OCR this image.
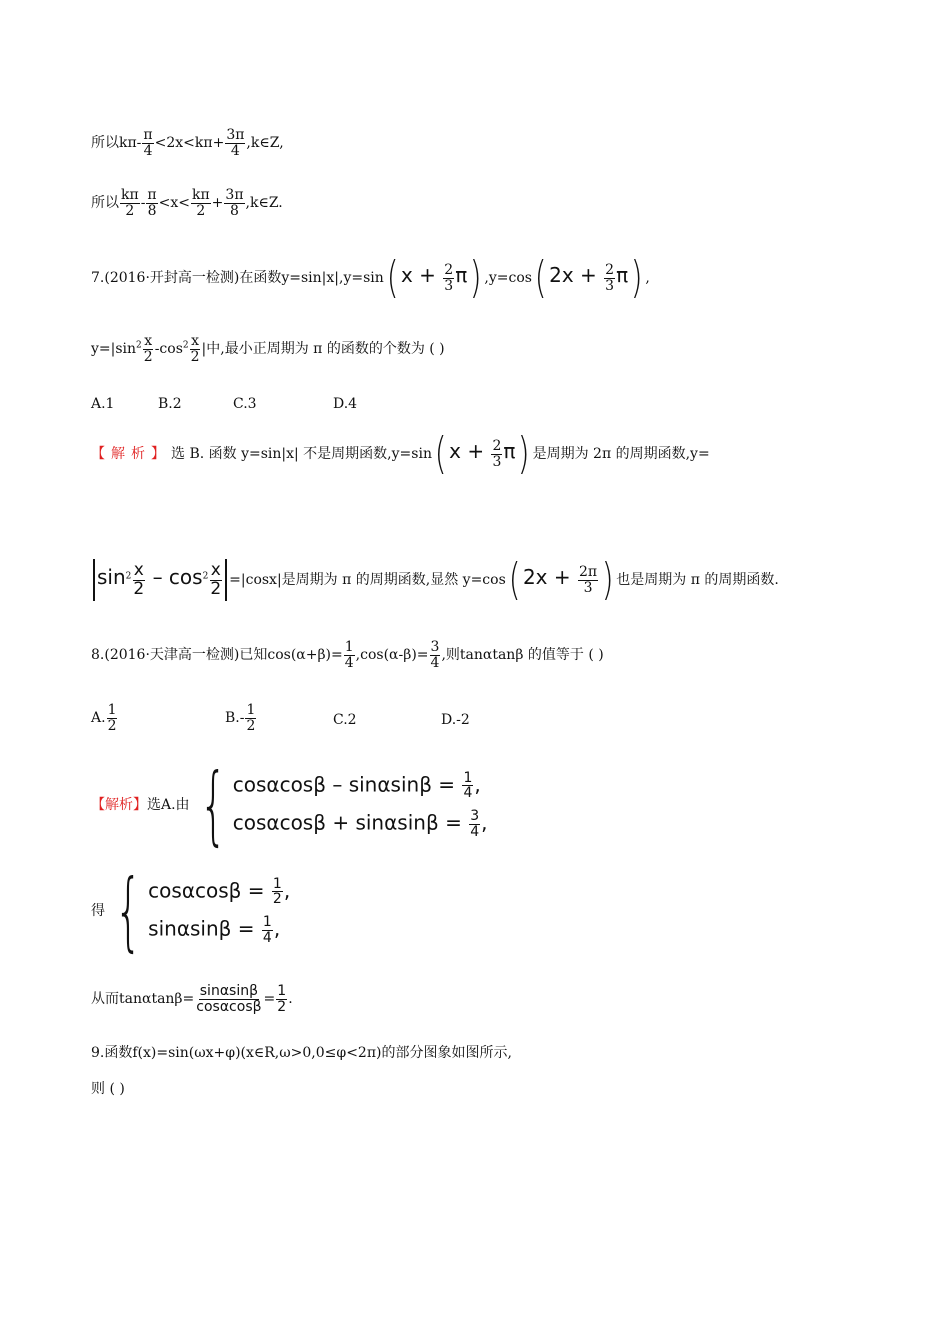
所以$k\pi- \frac{\pi}{4} <2x<k\pi+ \frac{3\pi}{4}$ ,k∈Z,
所以 $\frac{k\pi}{2} - \frac{\pi}{8} <x< \frac{k\pi}{2} + \frac{3\pi}{8}$ ,k∈Z.
7.(2016·开封高一检测)在函数y=sin|x|,y=sin( $x + \frac{2}{3} \pi$) ,y=cos( $2x + \frac{2}{3} \pi$) ,
$y=|\sin^2 \frac{x}{2} -\cos^2 \frac{x}{2}$ |中,最小正周期为 π 的函数的个数为 ( )
A.1	B.2	C.3	D.4
【解析】选 B. 函数 y=sin|x| 不是周期函数,y=sin( $x + \frac{2}{3} \pi$) 是周期为 2π 的周期函数,y=
$\sin^2 \frac{x}{2} - \cos^2 \frac{x}{2} =|\cos x|$是周期为 π 的周期函数,显然 y=cos( $2x + \frac{2\pi}{3}$ ) 也是周期为 π 的周期函数.
8.(2016·天津高一检测)已知$\cos(\alpha+\beta)= \frac{1}{4} ,\cos(\alpha-\beta)= \frac{3}{4}$ ,则tanαtanβ 的值等于 ( )
A. $\frac{1}{2}$	$B.- \frac{1}{2}$	C.2	D.-2
【解析】选A.由 { $\cos\alpha\cos\beta - \sin\alpha\sin\beta = \frac{1}{4}$ ,
$\cos\alpha\cos\beta + \sin\alpha\sin\beta = \frac{3}{4}$ ,
得 { $\cos\alpha\cos\beta = \frac{1}{2}$ ,
$\sin\alpha\sin\beta = \frac{1}{4}$ ,
从而$\tan\alpha\tan\beta= \frac{\sin\alpha\sin\beta}{\cos\alpha\cos\beta} = \frac{1}{2}$ .
9.函数f(x)=sin(ωx+φ)(x∈R,ω>0,0≤φ<2π)的部分图象如图所示,
则 ( )
